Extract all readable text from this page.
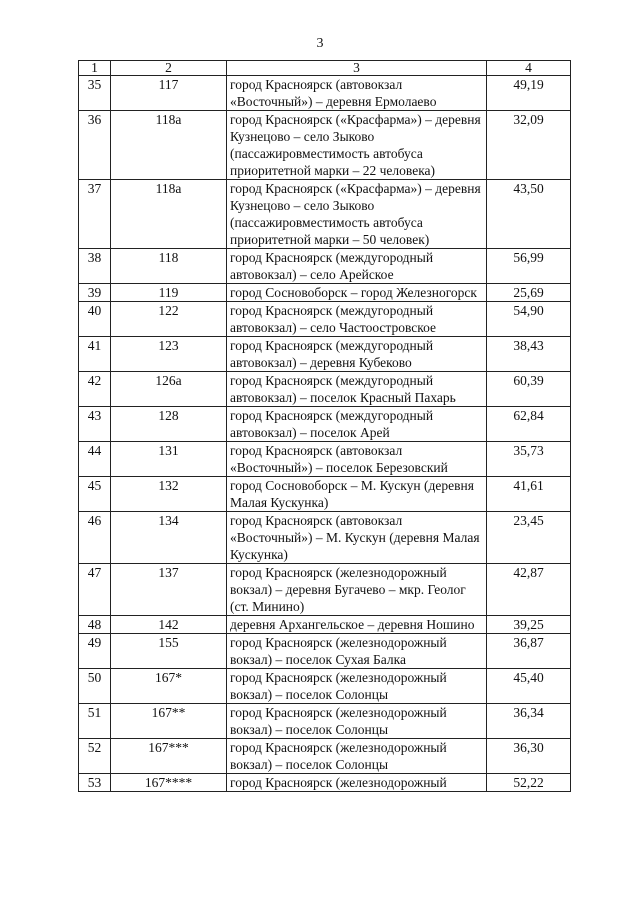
3
1	2	3	4
35	117	город Красноярск (автовокзал «Восточный») – деревня Ермолаево	49,19
36	118а	город Красноярск («Красфарма») – деревня Кузнецово – село Зыково (пассажировместимость автобуса приоритетной марки – 22 человека)	32,09
37	118а	город Красноярск («Красфарма») – деревня Кузнецово – село Зыково (пассажировместимость автобуса приоритетной марки – 50 человек)	43,50
38	118	город Красноярск (междугородный автовокзал) – село Арейское	56,99
39	119	город Сосновоборск – город Железногорск	25,69
40	122	город Красноярск (междугородный автовокзал) – село Частоостровское	54,90
41	123	город Красноярск (междугородный автовокзал) – деревня Кубеково	38,43
42	126а	город Красноярск (междугородный автовокзал) – поселок Красный Пахарь	60,39
43	128	город Красноярск (междугородный автовокзал) – поселок Арей	62,84
44	131	город Красноярск (автовокзал «Восточный») – поселок Березовский	35,73
45	132	город Сосновоборск – М. Кускун (деревня Малая Кускунка)	41,61
46	134	город Красноярск (автовокзал «Восточный») – М. Кускун (деревня Малая Кускунка)	23,45
47	137	город Красноярск (железнодорожный вокзал) – деревня Бугачево – мкр. Геолог (ст. Минино)	42,87
48	142	деревня Архангельское – деревня Ношино	39,25
49	155	город Красноярск (железнодорожный вокзал) – поселок Сухая Балка	36,87
50	167*	город Красноярск (железнодорожный вокзал) – поселок Солонцы	45,40
51	167**	город Красноярск (железнодорожный вокзал) – поселок Солонцы	36,34
52	167***	город Красноярск (железнодорожный вокзал) – поселок Солонцы	36,30
53	167****	город Красноярск (железнодорожный	52,22
